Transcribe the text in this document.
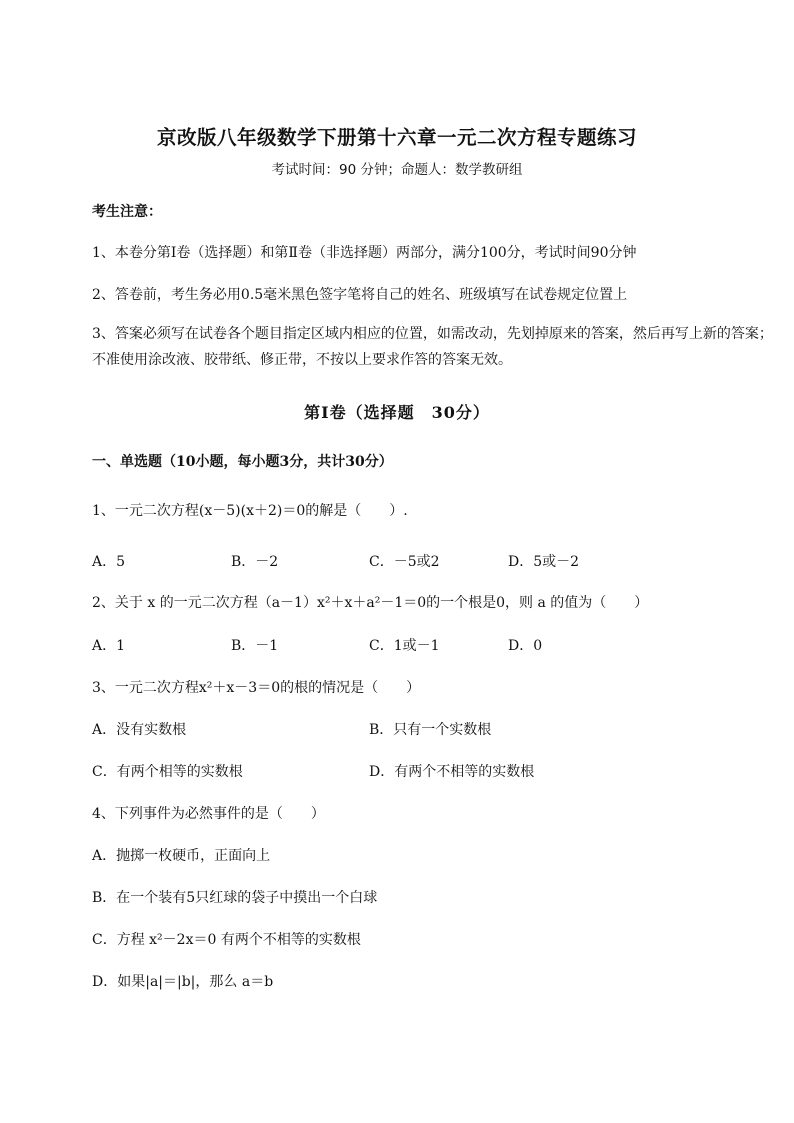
京改版八年级数学下册第十六章一元二次方程专题练习
考试时间：90 分钟；命题人：数学教研组
考生注意：
1、本卷分第Ⅰ卷（选择题）和第Ⅱ卷（非选择题）两部分，满分100分，考试时间90分钟
2、答卷前，考生务必用0.5毫米黑色签字笔将自己的姓名、班级填写在试卷规定位置上
3、答案必须写在试卷各个题目指定区域内相应的位置，如需改动，先划掉原来的答案，然后再写上新的答案；不准使用涂改液、胶带纸、修正带，不按以上要求作答的答案无效。
第Ⅰ卷（选择题　30分）
一、单选题（10小题，每小题3分，共计30分）
1、一元二次方程(x－5)(x＋2)＝0的解是（　　）.
A．5	B．－2	C．－5或2	D．5或－2
2、关于 x 的一元二次方程（a－1）x²＋x＋a²－1＝0的一个根是0，则 a 的值为（　　）
A．1	B．－1	C．1或－1	D．0
3、一元二次方程x²＋x－3＝0的根的情况是（　　）
A．没有实数根	B．只有一个实数根
C．有两个相等的实数根	D．有两个不相等的实数根
4、下列事件为必然事件的是（　　）
A．抛掷一枚硬币，正面向上
B．在一个装有5只红球的袋子中摸出一个白球
C．方程 x²－2x＝0 有两个不相等的实数根
D．如果|a|＝|b|，那么 a＝b
